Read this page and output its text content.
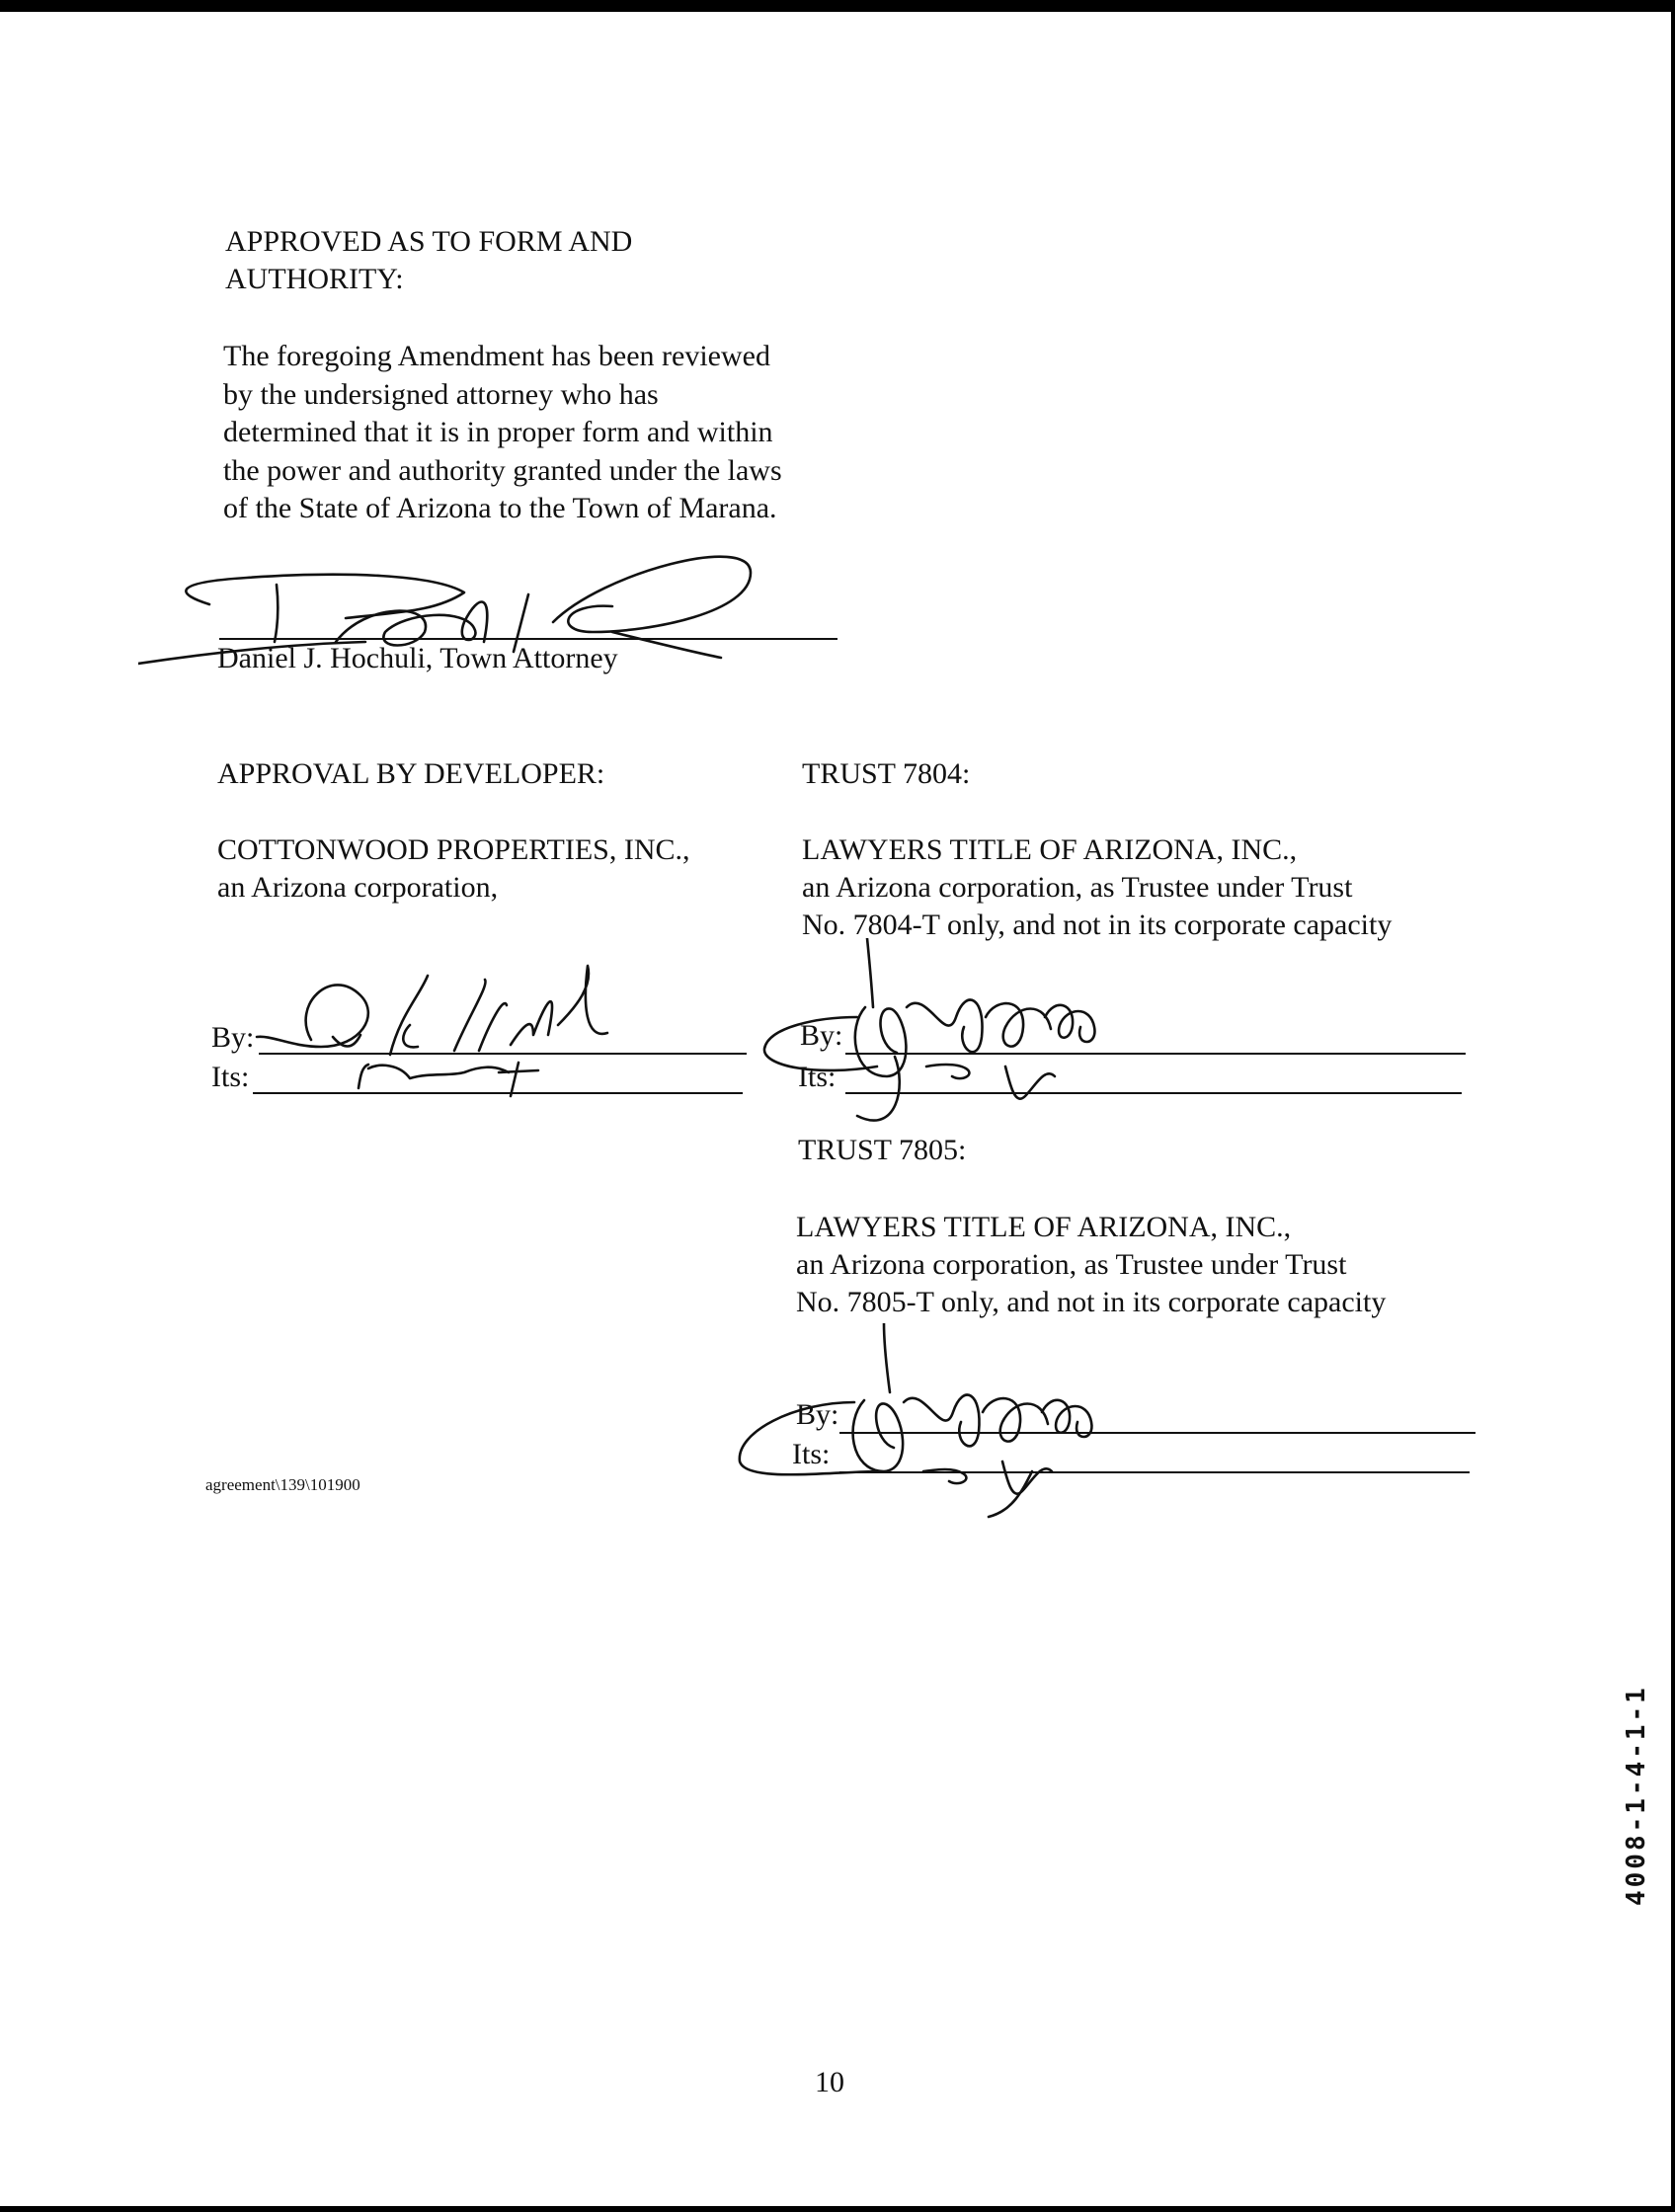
APPROVED AS TO FORM AND
AUTHORITY:
The foregoing Amendment has been reviewed
by the undersigned attorney who has
determined that it is in proper form and within
the power and authority granted under the laws
of the State of Arizona to the Town of Marana.
Daniel J. Hochuli, Town Attorney
APPROVAL BY DEVELOPER:
COTTONWOOD PROPERTIES, INC.,
an Arizona corporation,
By:
Its:
TRUST 7804:
LAWYERS TITLE OF ARIZONA, INC.,
an Arizona corporation, as Trustee under Trust
No. 7804-T only, and not in its corporate capacity
By:
Its:
TRUST 7805:
LAWYERS TITLE OF ARIZONA, INC.,
an Arizona corporation, as Trustee under Trust
No. 7805-T only, and not in its corporate capacity
By:
Its:
agreement\139\101900
10
4008-1-4-1-1
